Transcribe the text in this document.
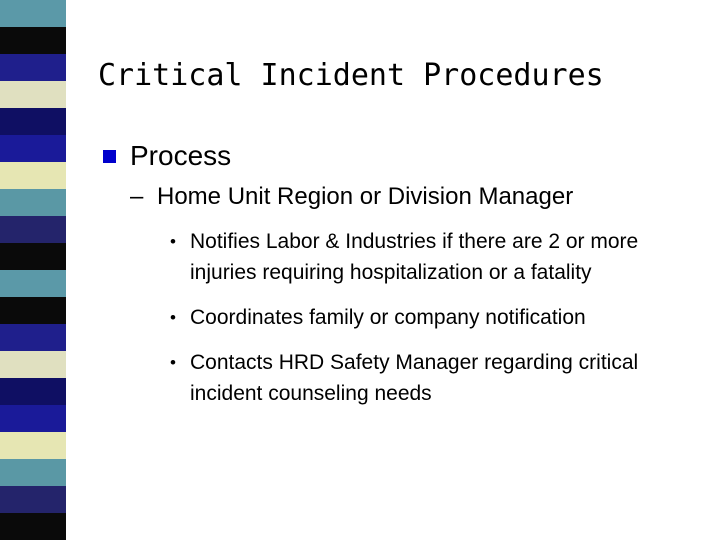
Critical Incident Procedures
Process
– Home Unit Region or Division Manager
• Notifies Labor & Industries if there are 2 or more injuries requiring hospitalization or a fatality
• Coordinates family or company notification
• Contacts HRD Safety Manager regarding critical incident counseling needs
